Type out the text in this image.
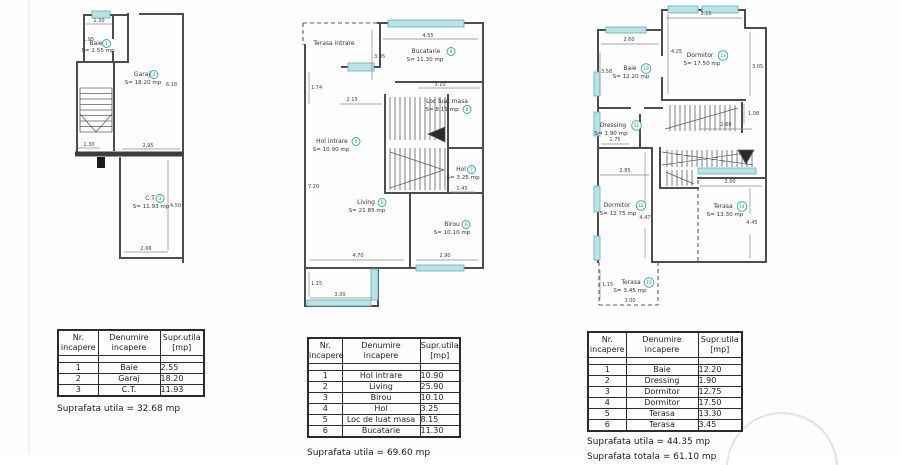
1.30
1.95
Baie 1
S= 2.55 mp
Garaj 2
S= 18.20 mp 6.18
1.30	2.95
C.T 3
S= 11.93 mp 4.50
2.66
Terasa intrare
4.55
3.05
Bucatarie 9
S= 11.30 mp
3.10
Loc luat masa
S= 8.15 mp 8
1.74
2.13
Hol intrare 4
S= 10.90 mp
7.20
Hol 7
S= 3.25 mp
1.45
Living 5
S= 21.85 mp
Birou 6
S= 10.10 mp
4.70	2.90
1.15
3.00
3.15
4.25 Dormitor 13
S= 17.50 mp	3.05
2.60
Baie 10
S= 12.20 mp
3.58
Dressing 11
S= 1.90 mp
1.75
1.08
2.60
2.85
Dormitor 12
S= 12.75 mp
4.47
3.00
Terasa 14
S= 13.30 mp
4.45
Terasa 15
S= 3.45 mp
1.15
3.00
Nr.
incapere	Denumire
incapere	Supr.utila
[mp]

1	Baie	2.55
2	Garaj	18.20
3	C.T.	11.93
Suprafata utila = 32.68 mp
Nr.
incapere	Denumire
incapere	Supr.utila
[mp]

1	Hol intrare	10.90
2	Living	25.90
3	Birou	10.10
4	Hol	3.25
5	Loc de luat masa	8.15
6	Bucatarie	11.30
Suprafata utila = 69.60 mp
Nr.
incapere	Denumire
incapere	Supr.utila
[mp]

1	Baie	12.20
2	Dressing	1.90
3	Dormitor	12.75
4	Dormitor	17.50
5	Terasa	13.30
6	Terasa	3.45
Suprafata utila = 44.35 mp
Suprafata totala = 61.10 mp
